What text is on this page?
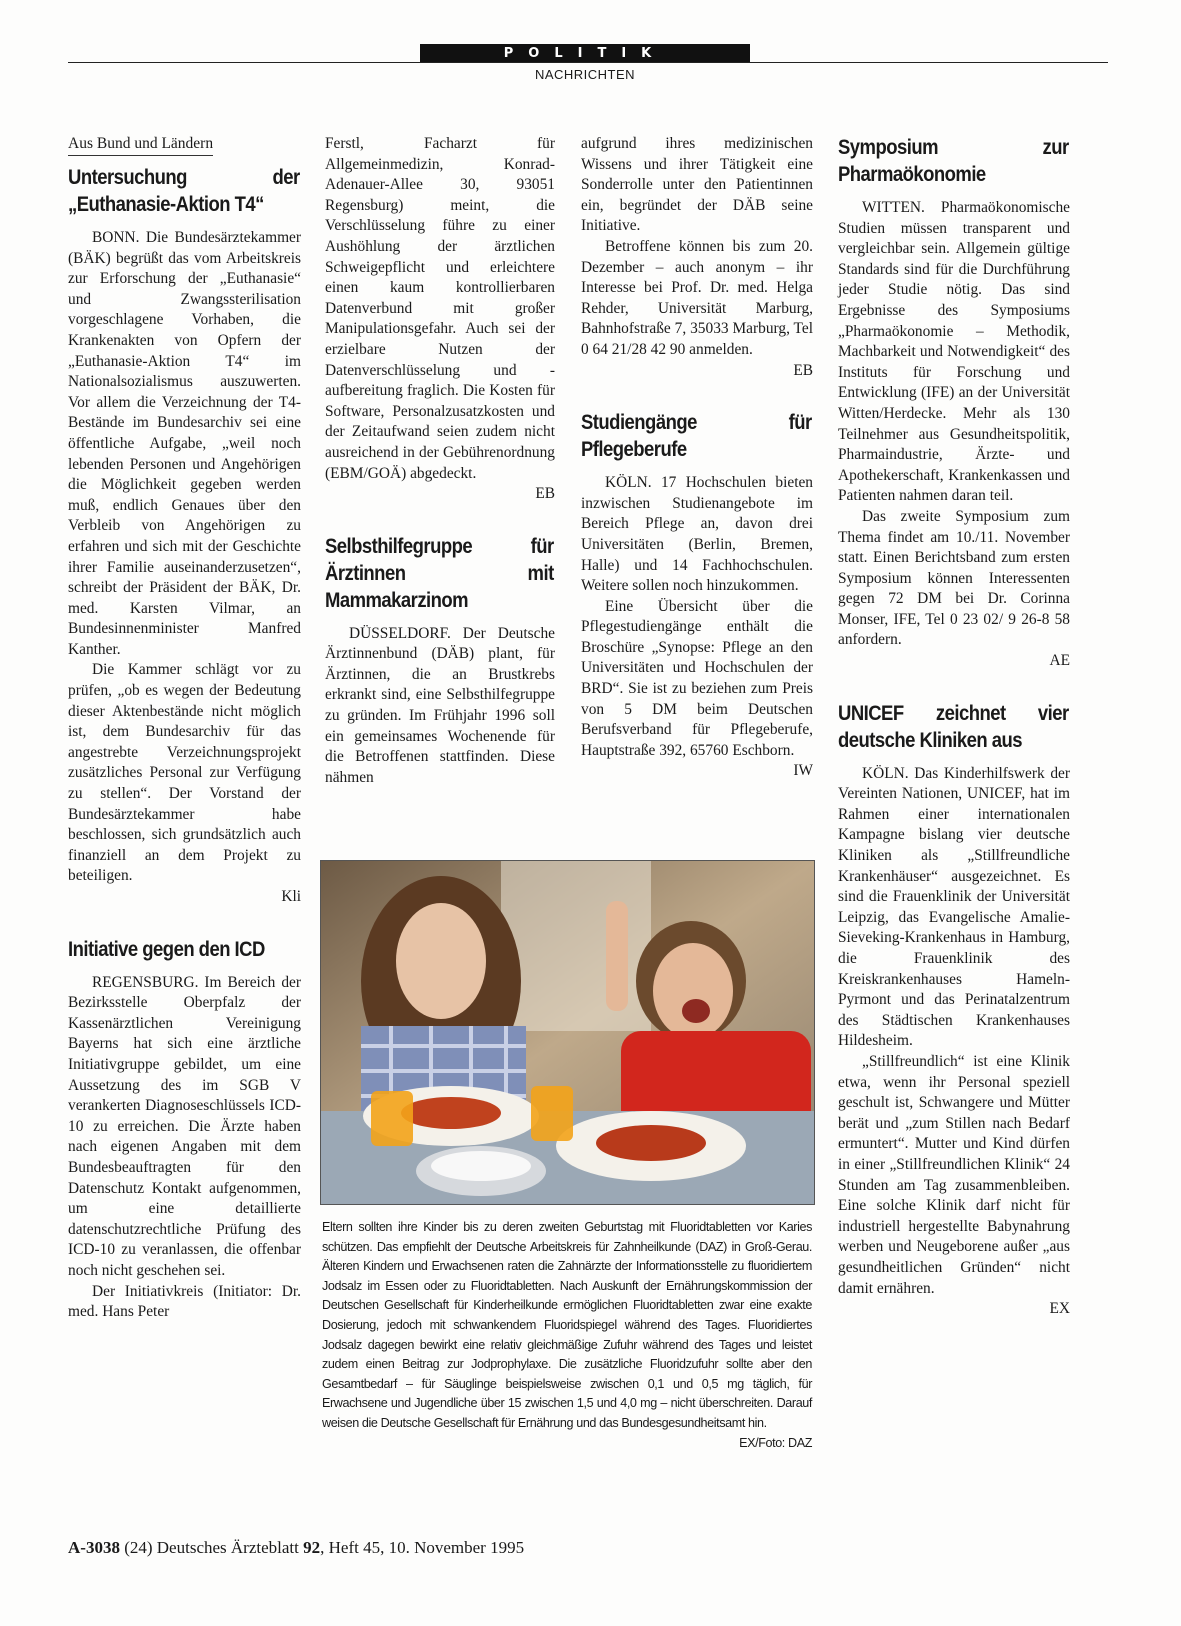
POLITIK
NACHRICHTEN
Aus Bund und Ländern
Untersuchung der „Euthanasie-Aktion T4“

BONN. Die Bundesärztekammer (BÄK) begrüßt das vom Arbeitskreis zur Erforschung der „Euthanasie“ und Zwangssterilisation vorgeschlagene Vorhaben, die Krankenakten von Opfern der „Euthanasie-Aktion T4“ im Nationalsozialismus auszuwerten. Vor allem die Verzeichnung der T4-Bestände im Bundesarchiv sei eine öffentliche Aufgabe, „weil noch lebenden Personen und Angehörigen die Möglichkeit gegeben werden muß, endlich Genaues über den Verbleib von Angehörigen zu erfahren und sich mit der Geschichte ihrer Familie auseinanderzusetzen“, schreibt der Präsident der BÄK, Dr. med. Karsten Vilmar, an Bundesinnenminister Manfred Kanther.

Die Kammer schlägt vor zu prüfen, „ob es wegen der Bedeutung dieser Aktenbestände nicht möglich ist, dem Bundesarchiv für das angestrebte Verzeichnungsprojekt zusätzliches Personal zur Verfügung zu stellen“. Der Vorstand der Bundesärztekammer habe beschlossen, sich grundsätzlich auch finanziell an dem Projekt zu beteiligen.

Kli

Initiative gegen den ICD

REGENSBURG. Im Bereich der Bezirksstelle Oberpfalz der Kassenärztlichen Vereinigung Bayerns hat sich eine ärztliche Initiativgruppe gebildet, um eine Aussetzung des im SGB V verankerten Diagnoseschlüssels ICD-10 zu erreichen. Die Ärzte haben nach eigenen Angaben mit dem Bundesbeauftragten für den Datenschutz Kontakt aufgenommen, um eine detaillierte datenschutzrechtliche Prüfung des ICD-10 zu veranlassen, die offenbar noch nicht geschehen sei.

Der Initiativkreis (Initiator: Dr. med. Hans Peter

Ferstl, Facharzt für Allgemeinmedizin, Konrad-Adenauer-Allee 30, 93051 Regensburg) meint, die Verschlüsselung führe zu einer Aushöhlung der ärztlichen Schweigepflicht und erleichtere einen kaum kontrollierbaren Datenverbund mit großer Manipulationsgefahr. Auch sei der erzielbare Nutzen der Datenverschlüsselung und -aufbereitung fraglich. Die Kosten für Software, Personalzusatzkosten und der Zeitaufwand seien zudem nicht ausreichend in der Gebührenordnung (EBM/GOÄ) abgedeckt.

EB

Selbsthilfegruppe für Ärztinnen mit Mammakarzinom

DÜSSELDORF. Der Deutsche Ärztinnenbund (DÄB) plant, für Ärztinnen, die an Brustkrebs erkrankt sind, eine Selbsthilfegruppe zu gründen. Im Frühjahr 1996 soll ein gemeinsames Wochenende für die Betroffenen stattfinden. Diese nähmen

aufgrund ihres medizinischen Wissens und ihrer Tätigkeit eine Sonderrolle unter den Patientinnen ein, begründet der DÄB seine Initiative.

Betroffene können bis zum 20. Dezember – auch anonym – ihr Interesse bei Prof. Dr. med. Helga Rehder, Universität Marburg, Bahnhofstraße 7, 35033 Marburg, Tel 0 64 21/28 42 90 anmelden.

EB

Studiengänge für Pflegeberufe

KÖLN. 17 Hochschulen bieten inzwischen Studienangebote im Bereich Pflege an, davon drei Universitäten (Berlin, Bremen, Halle) und 14 Fachhochschulen. Weitere sollen noch hinzukommen.

Eine Übersicht über die Pflegestudiengänge enthält die Broschüre „Synopse: Pflege an den Universitäten und Hochschulen der BRD“. Sie ist zu beziehen zum Preis von 5 DM beim Deutschen Berufsverband für Pflegeberufe, Hauptstraße 392, 65760 Eschborn.

IW

Symposium zur Pharmaökonomie

WITTEN. Pharmaökonomische Studien müssen transparent und vergleichbar sein. Allgemein gültige Standards sind für die Durchführung jeder Studie nötig. Das sind Ergebnisse des Symposiums „Pharmaökonomie – Methodik, Machbarkeit und Notwendigkeit“ des Instituts für Forschung und Entwicklung (IFE) an der Universität Witten/Herdecke. Mehr als 130 Teilnehmer aus Gesundheitspolitik, Pharmaindustrie, Ärzte- und Apothekerschaft, Krankenkassen und Patienten nahmen daran teil.

Das zweite Symposium zum Thema findet am 10./11. November statt. Einen Berichtsband zum ersten Symposium können Interessenten gegen 72 DM bei Dr. Corinna Monser, IFE, Tel 0 23 02/ 9 26-8 58 anfordern.

AE

UNICEF zeichnet vier deutsche Kliniken aus

KÖLN. Das Kinderhilfswerk der Vereinten Nationen, UNICEF, hat im Rahmen einer internationalen Kampagne bislang vier deutsche Kliniken als „Stillfreundliche Krankenhäuser“ ausgezeichnet. Es sind die Frauenklinik der Universität Leipzig, das Evangelische Amalie-Sieveking-Krankenhaus in Hamburg, die Frauenklinik des Kreiskrankenhauses Hameln-Pyrmont und das Perinatalzentrum des Städtischen Krankenhauses Hildesheim.

„Stillfreundlich“ ist eine Klinik etwa, wenn ihr Personal speziell geschult ist, Schwangere und Mütter berät und „zum Stillen nach Bedarf ermuntert“. Mutter und Kind dürfen in einer „Stillfreundlichen Klinik“ 24 Stunden am Tag zusammenbleiben. Eine solche Klinik darf nicht für industriell hergestellte Babynahrung werben und Neugeborene außer „aus gesundheitlichen Gründen“ nicht damit ernähren.

EX

Eltern sollten ihre Kinder bis zu deren zweiten Geburtstag mit Fluoridtabletten vor Karies schützen. Das empfiehlt der Deutsche Arbeitskreis für Zahnheilkunde (DAZ) in Groß-Gerau. Älteren Kindern und Erwachsenen raten die Zahnärzte der Informationsstelle zu fluoridiertem Jodsalz im Essen oder zu Fluoridtabletten. Nach Auskunft der Ernährungskommission der Deutschen Gesellschaft für Kinderheilkunde ermöglichen Fluoridtabletten zwar eine exakte Dosierung, jedoch mit schwankendem Fluoridspiegel während des Tages. Fluoridiertes Jodsalz dagegen bewirkt eine relativ gleichmäßige Zufuhr während des Tages und leistet zudem einen Beitrag zur Jodprophylaxe. Die zusätzliche Fluoridzufuhr sollte aber den Gesamtbedarf – für Säuglinge beispielsweise zwischen 0,1 und 0,5 mg täglich, für Erwachsene und Jugendliche über 15 zwischen 1,5 und 4,0 mg – nicht überschreiten. Darauf weisen die Deutsche Gesellschaft für Ernährung und das Bundesgesundheitsamt hin.
EX/Foto: DAZ
A-3038 (24) Deutsches Ärzteblatt 92, Heft 45, 10. November 1995
